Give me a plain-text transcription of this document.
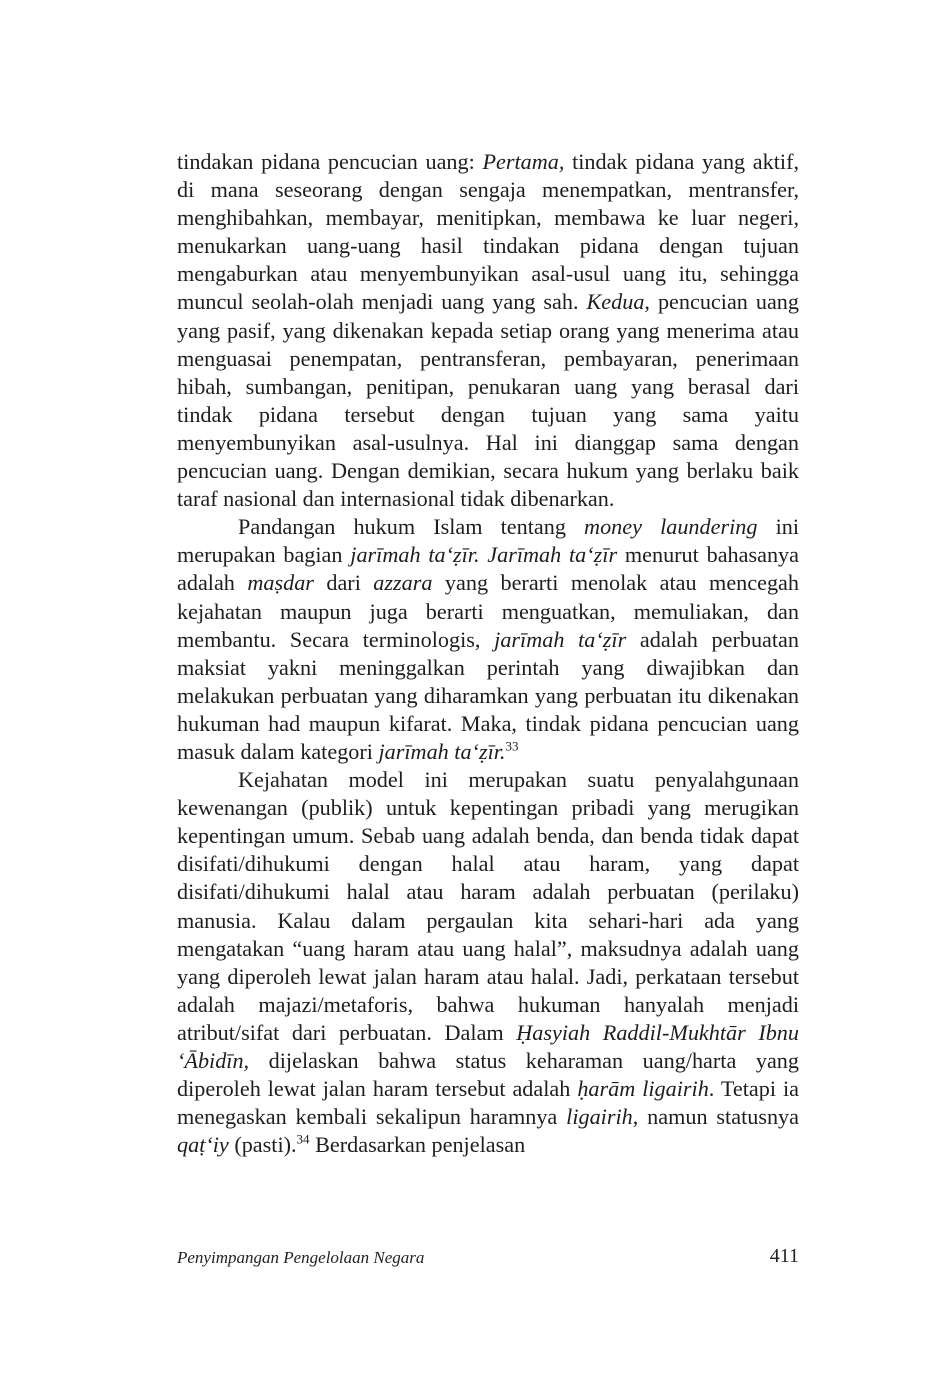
tindakan pidana pencucian uang: Pertama, tindak pidana yang aktif, di mana seseorang dengan sengaja menempatkan, mentransfer, menghibahkan, membayar, menitipkan, membawa ke luar negeri, menukarkan uang-uang hasil tindakan pidana dengan tujuan mengaburkan atau menyembunyikan asal-usul uang itu, sehingga muncul seolah-olah menjadi uang yang sah. Kedua, pencucian uang yang pasif, yang dikenakan kepada setiap orang yang menerima atau menguasai penempatan, pentransferan, pembayaran, penerimaan hibah, sumbangan, penitipan, penukaran uang yang berasal dari tindak pidana tersebut dengan tujuan yang sama yaitu menyembunyikan asal-usulnya. Hal ini dianggap sama dengan pencucian uang. Dengan demikian, secara hukum yang berlaku baik taraf nasional dan internasional tidak dibenarkan.

Pandangan hukum Islam tentang money laundering ini merupakan bagian jarīmah ta‘ẓīr. Jarīmah ta‘ẓīr menurut bahasanya adalah maṣdar dari azzara yang berarti menolak atau mencegah kejahatan maupun juga berarti menguatkan, memuliakan, dan membantu. Secara terminologis, jarīmah ta‘ẓīr adalah perbuatan maksiat yakni meninggalkan perintah yang diwajibkan dan melakukan perbuatan yang diharamkan yang perbuatan itu dikenakan hukuman had maupun kifarat. Maka, tindak pidana pencucian uang masuk dalam kategori jarīmah ta‘ẓīr.$^{33}$

Kejahatan model ini merupakan suatu penyalahgunaan kewenangan (publik) untuk kepentingan pribadi yang merugikan kepentingan umum. Sebab uang adalah benda, dan benda tidak dapat disifati/dihukumi dengan halal atau haram, yang dapat disifati/dihukumi halal atau haram adalah perbuatan (perilaku) manusia. Kalau dalam pergaulan kita sehari-hari ada yang mengatakan “uang haram atau uang halal”, maksudnya adalah uang yang diperoleh lewat jalan haram atau halal. Jadi, perkataan tersebut adalah majazi/metaforis, bahwa hukuman hanyalah menjadi atribut/sifat dari perbuatan. Dalam Ḥasyiah Raddil-Mukhtār Ibnu ‘Ābidīn, dijelaskan bahwa status keharaman uang/harta yang diperoleh lewat jalan haram tersebut adalah ḥarām ligairih. Tetapi ia menegaskan kembali sekalipun haramnya ligairih, namun statusnya qaṭ‘iy (pasti).$^{34}$ Berdasarkan penjelasan

Penyimpangan Pengelolaan Negara	411
